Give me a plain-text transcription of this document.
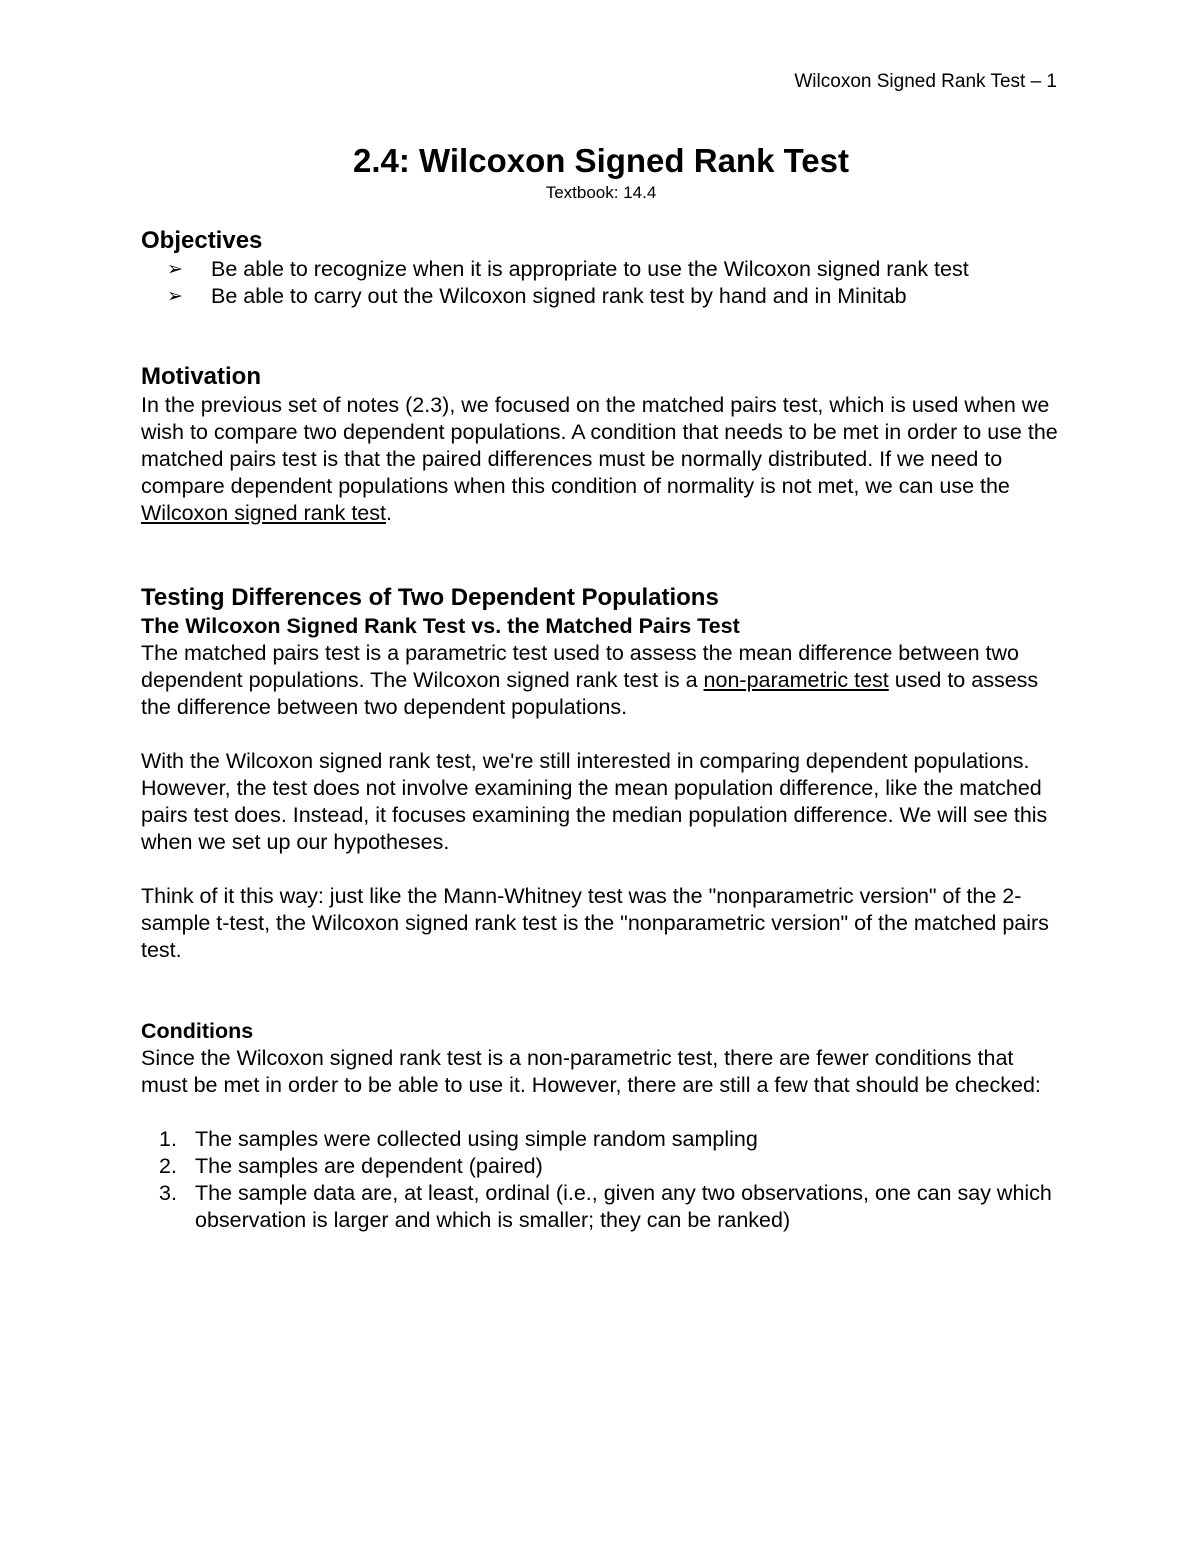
Wilcoxon Signed Rank Test – 1
2.4: Wilcoxon Signed Rank Test

Textbook: 14.4

Objectives
➢ Be able to recognize when it is appropriate to use the Wilcoxon signed rank test
➢ Be able to carry out the Wilcoxon signed rank test by hand and in Minitab
Motivation

In the previous set of notes (2.3), we focused on the matched pairs test, which is used when we wish to compare two dependent populations. A condition that needs to be met in order to use the matched pairs test is that the paired differences must be normally distributed. If we need to compare dependent populations when this condition of normality is not met, we can use the Wilcoxon signed rank test.

Testing Differences of Two Dependent Populations
The Wilcoxon Signed Rank Test vs. the Matched Pairs Test

The matched pairs test is a parametric test used to assess the mean difference between two dependent populations. The Wilcoxon signed rank test is a non-parametric test used to assess the difference between two dependent populations.

With the Wilcoxon signed rank test, we're still interested in comparing dependent populations. However, the test does not involve examining the mean population difference, like the matched pairs test does. Instead, it focuses examining the median population difference. We will see this when we set up our hypotheses.

Think of it this way: just like the Mann-Whitney test was the "nonparametric version" of the 2-sample t-test, the Wilcoxon signed rank test is the "nonparametric version" of the matched pairs test.

Conditions

Since the Wilcoxon signed rank test is a non-parametric test, there are fewer conditions that must be met in order to be able to use it. However, there are still a few that should be checked:

1. The samples were collected using simple random sampling
2. The samples are dependent (paired)
3. The sample data are, at least, ordinal (i.e., given any two observations, one can say which observation is larger and which is smaller; they can be ranked)
